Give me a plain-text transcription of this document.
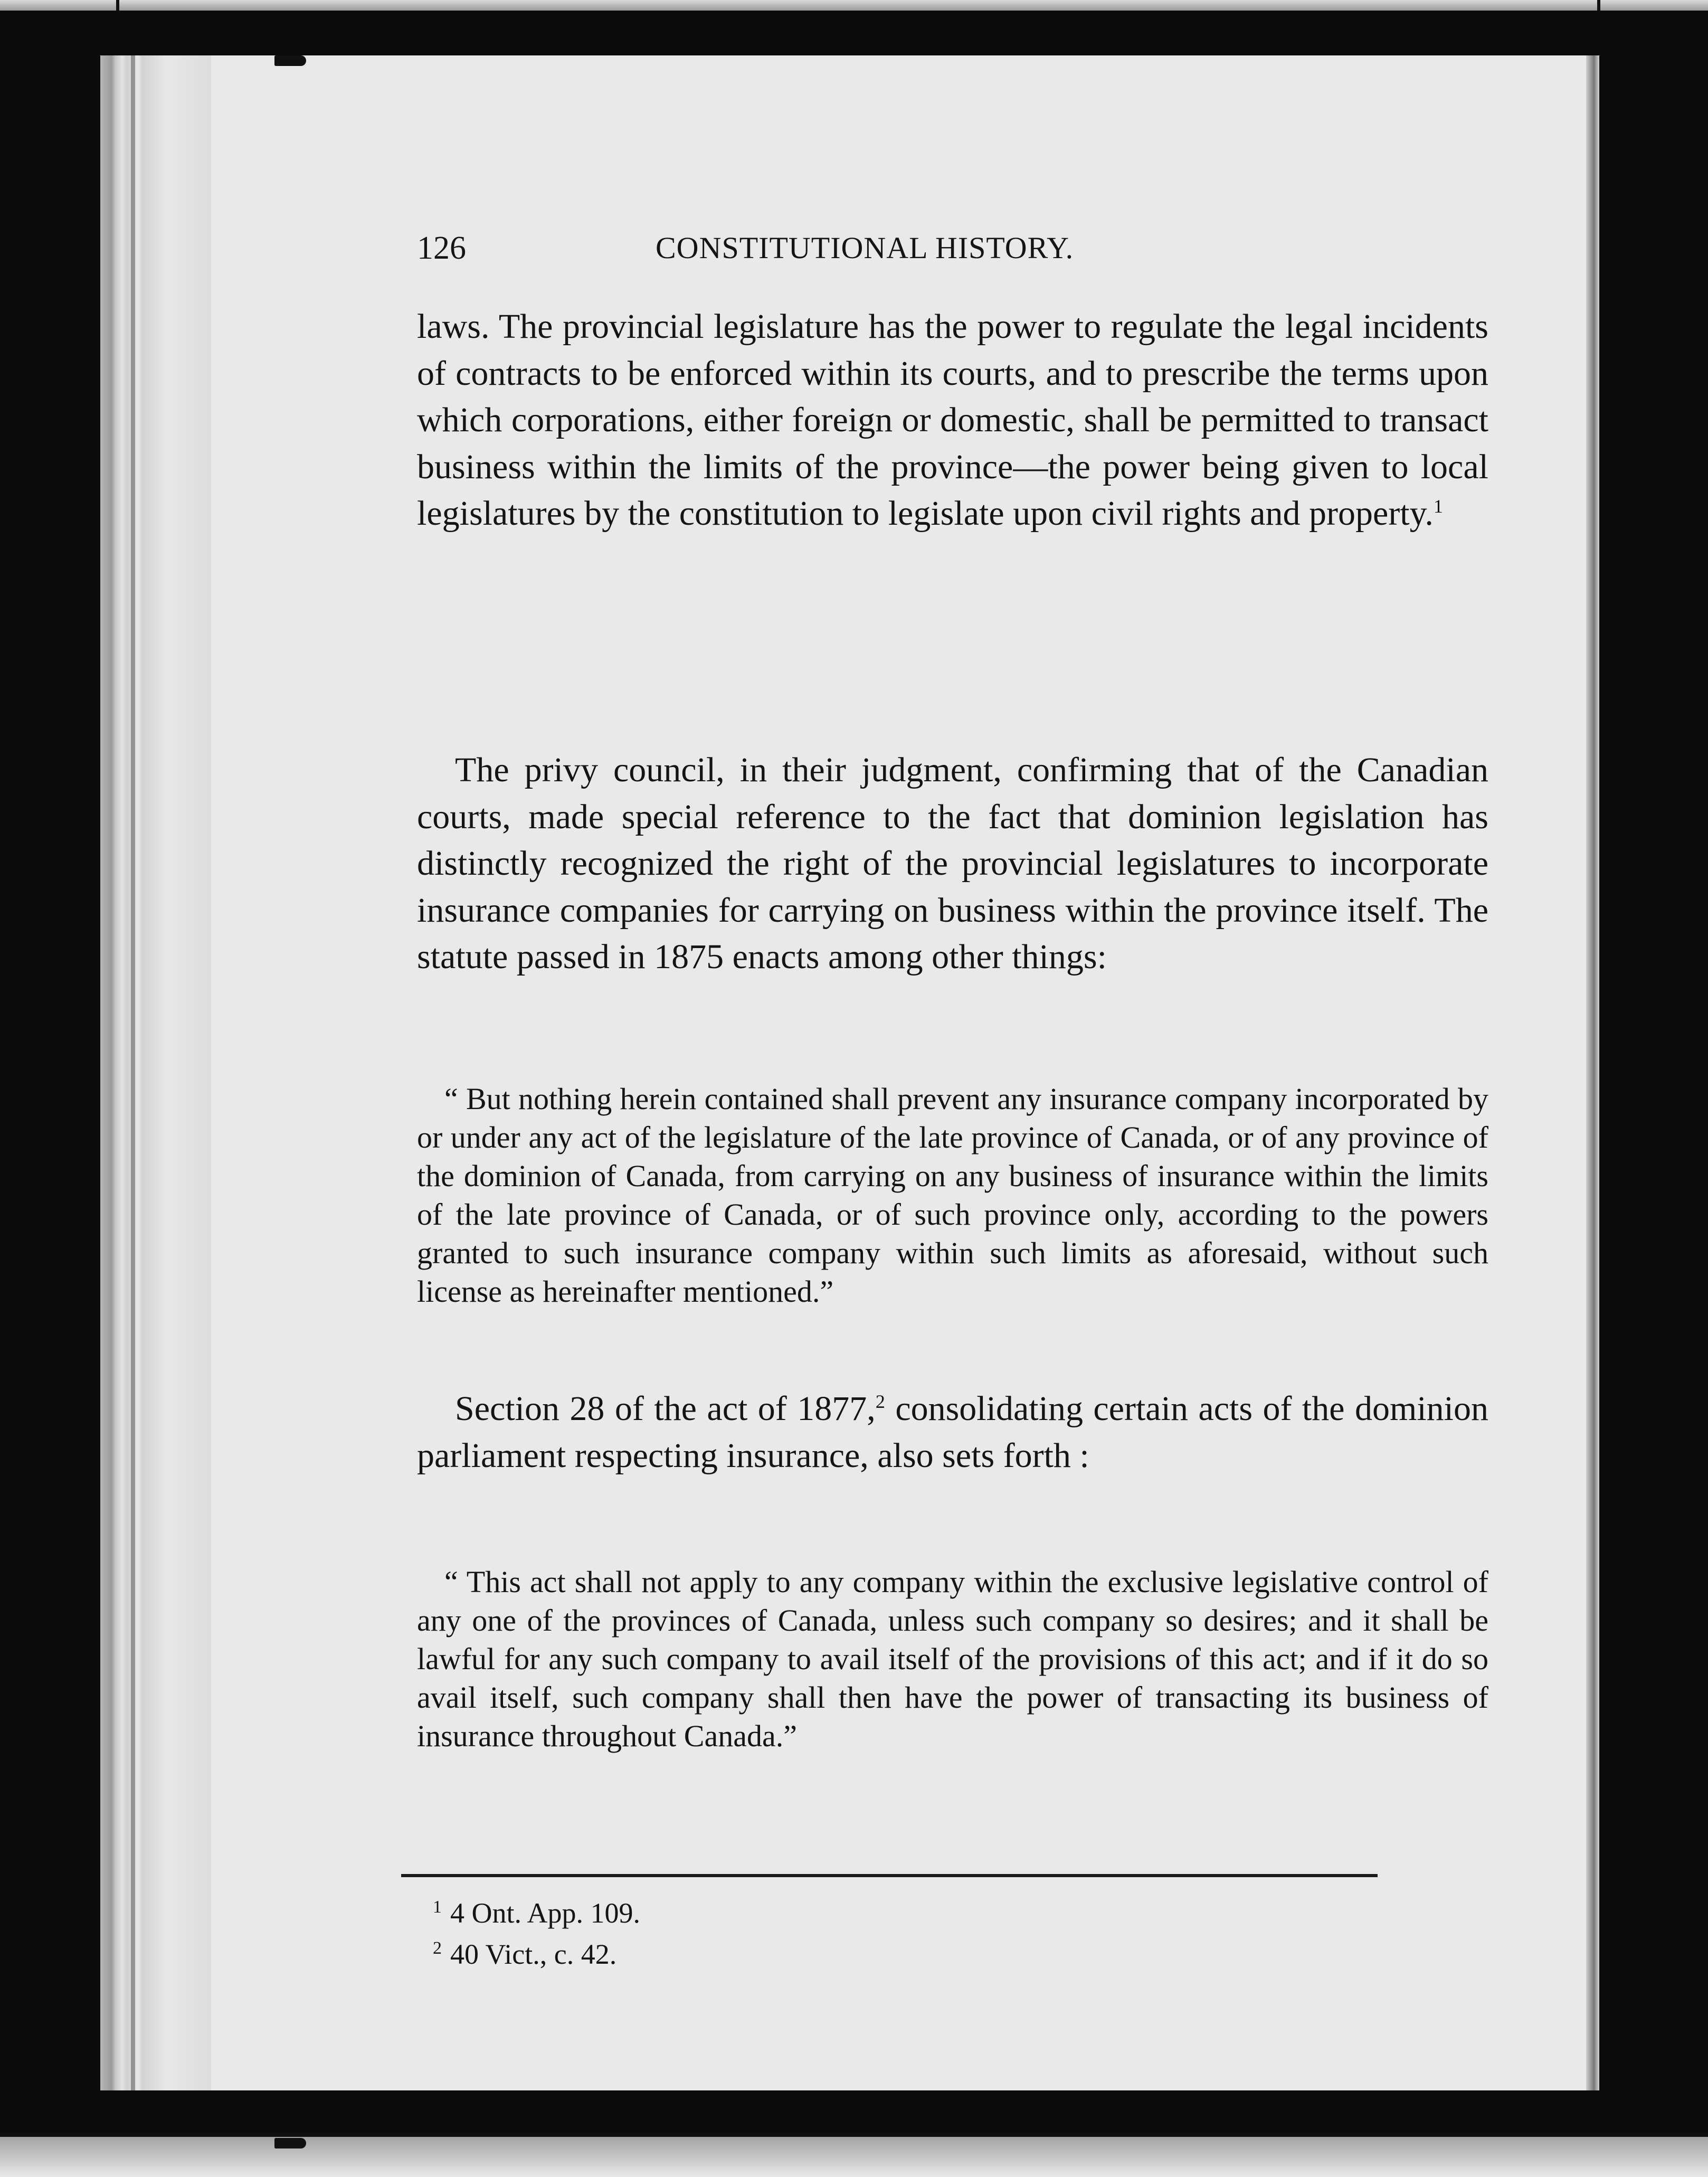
126	CONSTITUTIONAL HISTORY.

laws. The provincial legislature has the power to regulate the legal incidents of contracts to be enforced within its courts, and to prescribe the terms upon which corporations, either foreign or domestic, shall be permitted to transact business within the limits of the province—the power being given to local legislatures by the constitution to legislate upon civil rights and property.$^1$

The privy council, in their judgment, confirming that of the Canadian courts, made special reference to the fact that dominion legislation has distinctly recognized the right of the provincial legislatures to incorporate insurance companies for carrying on business within the province itself. The statute passed in 1875 enacts among other things:

“ But nothing herein contained shall prevent any insurance company incorporated by or under any act of the legislature of the late province of Canada, or of any province of the dominion of Canada, from carrying on any business of insurance within the limits of the late province of Canada, or of such province only, according to the powers granted to such insurance company within such limits as aforesaid, without such license as hereinafter mentioned.”

Section 28 of the act of 1877,$^2$ consolidating certain acts of the dominion parliament respecting insurance, also sets forth :

“ This act shall not apply to any company within the exclusive legislative control of any one of the provinces of Canada, unless such company so desires; and it shall be lawful for any such company to avail itself of the provisions of this act; and if it do so avail itself, such company shall then have the power of transacting its business of insurance throughout Canada.”

$^1$ 4 Ont. App. 109.
$^2$ 40 Vict., c. 42.
